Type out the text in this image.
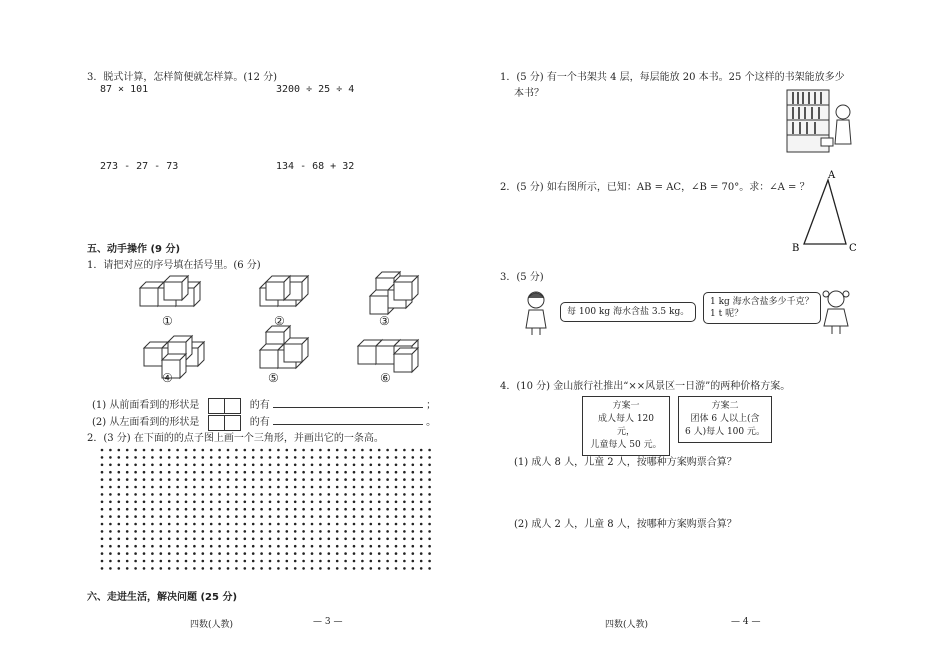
3．脱式计算，怎样简便就怎样算。(12 分)
87 × 101	3200 ÷ 25 ÷ 4
273 - 27 - 73	134 - 68 + 32
五、动手操作 (9 分)
1．请把对应的序号填在括号里。(6 分)
①	②	③
④	⑤	⑥
(1) 从前面看到的形状是	的有	；
(2) 从左面看到的形状是	的有	。
2．(3 分) 在下面的的点子图上画一个三角形，并画出它的一条高。
六、走进生活，解决问题 (25 分)
四数(人教)	— 3 —
1．(5 分) 有一个书架共 4 层，每层能放 20 本书。25 个这样的书架能放多少
本书？
2．(5 分) 如右图所示，已知：AB = AC，∠B = 70°。求：∠A = ？
A
B	C
3．(5 分)
每 100 kg 海水含盐 3.5 kg。
1 kg 海水含盐多少千克？
1 t 呢？
4．(10 分) 金山旅行社推出“××风景区一日游”的两种价格方案。
方案一
成人每人 120 元，
儿童每人 50 元。
方案二
团体 6 人以上(含
6 人)每人 100 元。
(1) 成人 8 人，儿童 2 人，按哪种方案购票合算？
(2) 成人 2 人，儿童 8 人，按哪种方案购票合算？
四数(人教)	— 4 —
